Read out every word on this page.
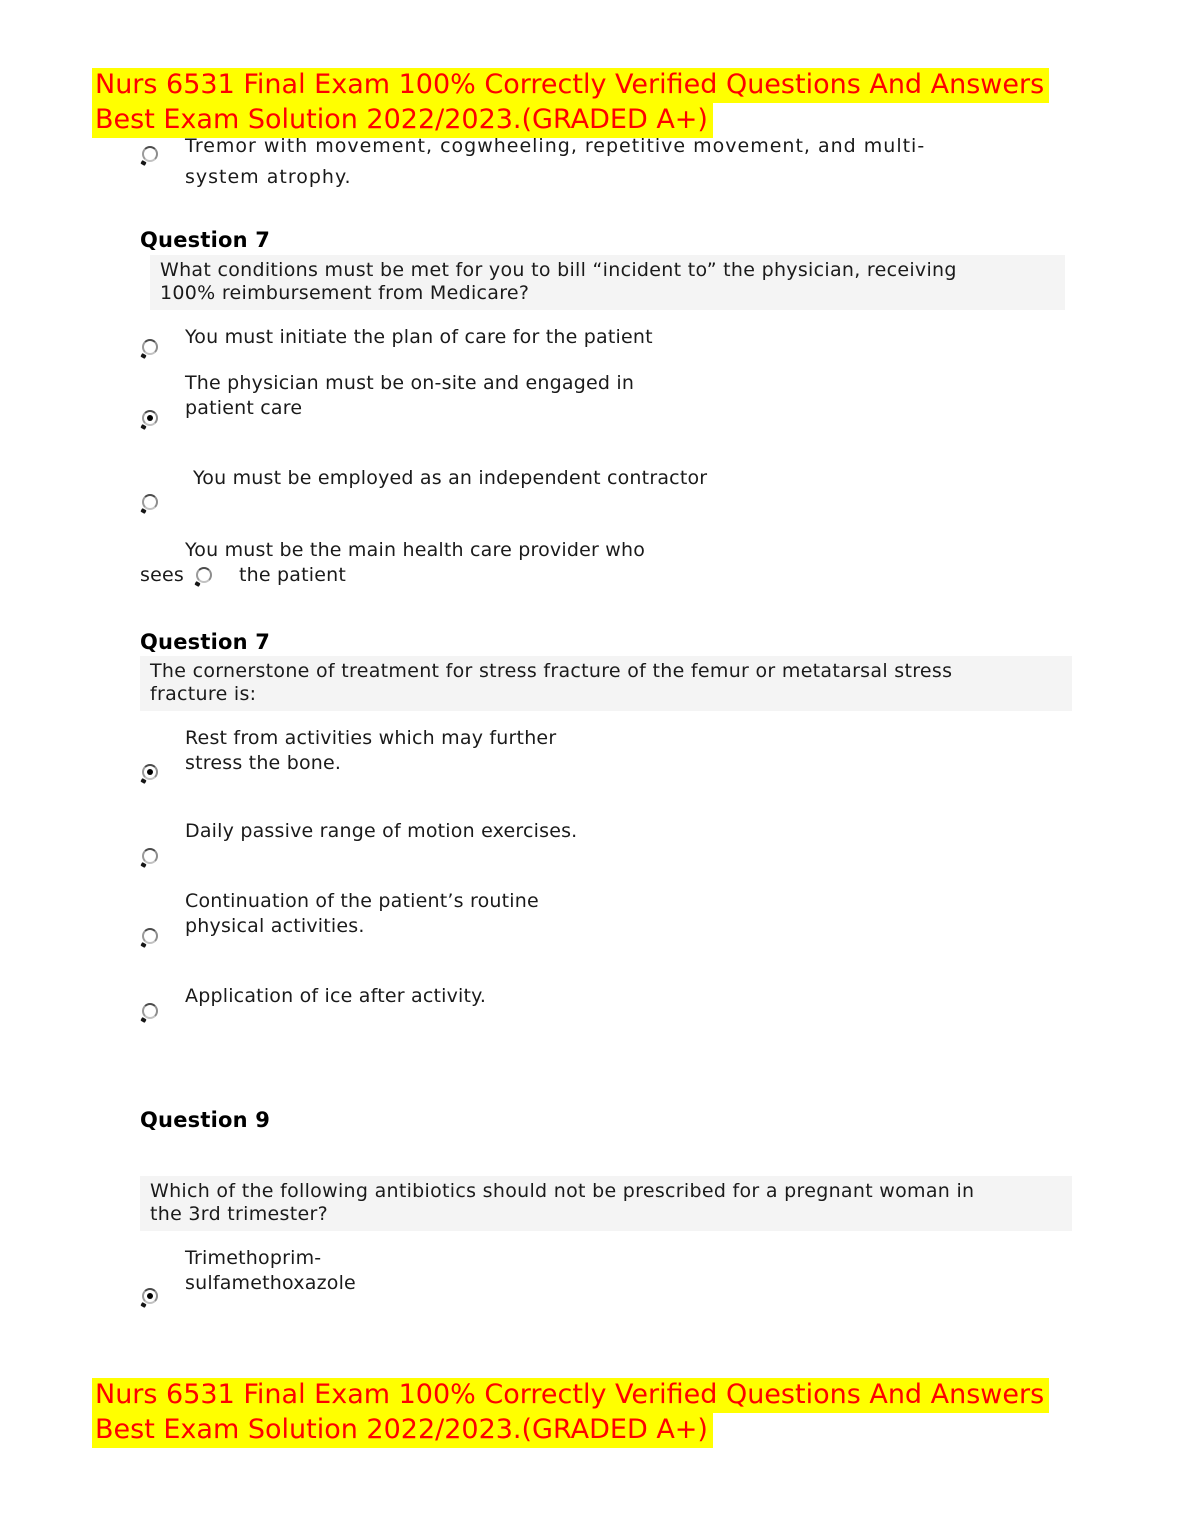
Nurs 6531 Final Exam 100% Correctly Verified Questions And Answers
Best Exam Solution 2022/2023.(GRADED A+)
Tremor with movement, cogwheeling, repetitive movement, and multi-
system atrophy.
Question 7
What conditions must be met for you to bill “incident to” the physician, receiving
100% reimbursement from Medicare?
You must initiate the plan of care for the patient
The physician must be on-site and engaged in
patient care
You must be employed as an independent contractor
You must be the main health care provider who
sees	the patient
Question 7
The cornerstone of treatment for stress fracture of the femur or metatarsal stress
fracture is:
Rest from activities which may further
stress the bone.
Daily passive range of motion exercises.
Continuation of the patient’s routine
physical activities.
Application of ice after activity.
Question 9
Which of the following antibiotics should not be prescribed for a pregnant woman in
the 3rd trimester?
Trimethoprim-
sulfamethoxazole
Nurs 6531 Final Exam 100% Correctly Verified Questions And Answers
Best Exam Solution 2022/2023.(GRADED A+)
